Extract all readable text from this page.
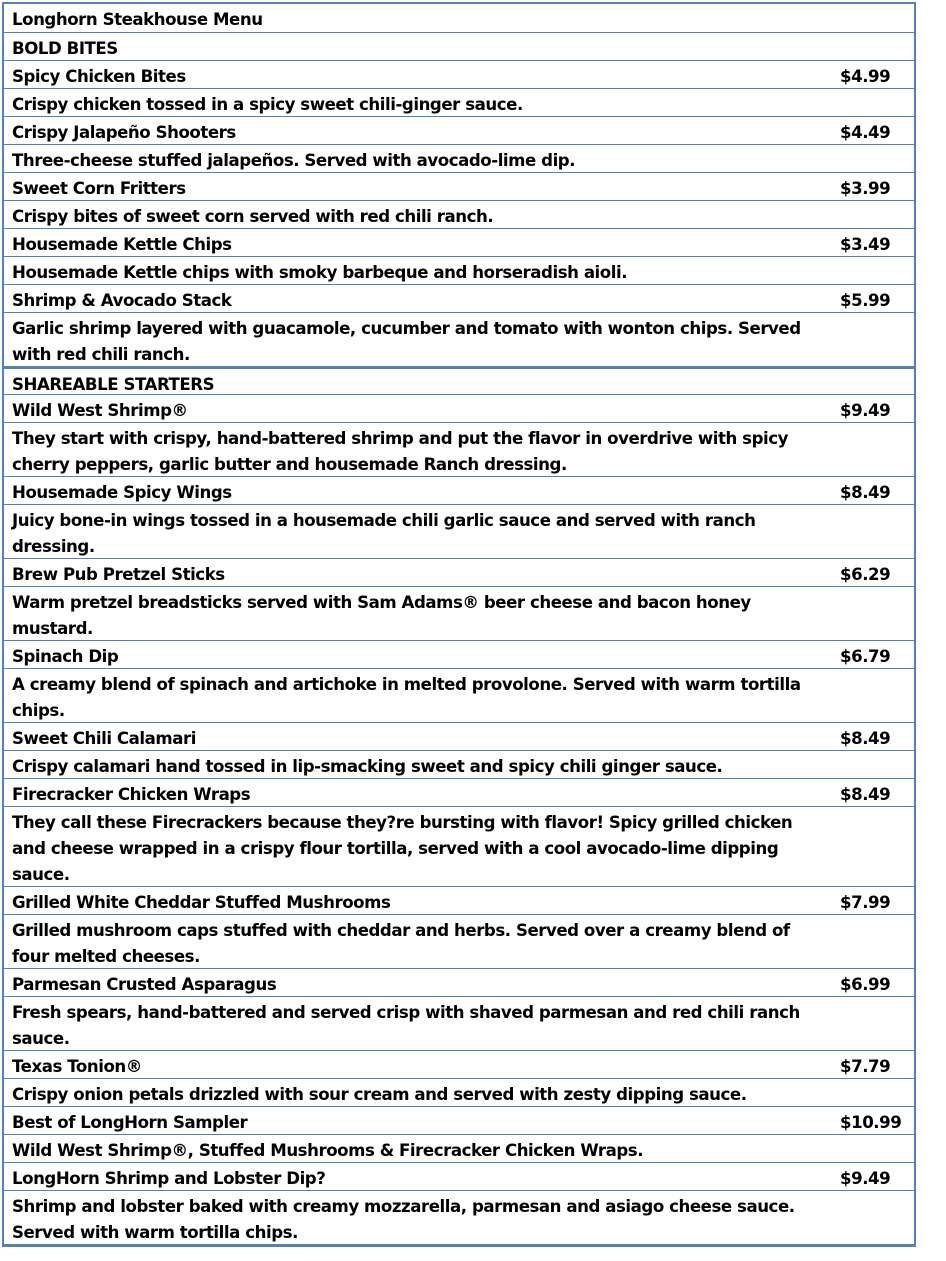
Longhorn Steakhouse Menu
BOLD BITES
Spicy Chicken Bites	$4.99
Crispy chicken tossed in a spicy sweet chili-ginger sauce.
Crispy Jalapeño Shooters	$4.49
Three-cheese stuffed jalapeños. Served with avocado-lime dip.
Sweet Corn Fritters	$3.99
Crispy bites of sweet corn served with red chili ranch.
Housemade Kettle Chips	$3.49
Housemade Kettle chips with smoky barbeque and horseradish aioli.
Shrimp & Avocado Stack	$5.99
Garlic shrimp layered with guacamole, cucumber and tomato with wonton chips. Served with red chili ranch.
SHAREABLE STARTERS
Wild West Shrimp®	$9.49
They start with crispy, hand-battered shrimp and put the flavor in overdrive with spicy cherry peppers, garlic butter and housemade Ranch dressing.
Housemade Spicy Wings	$8.49
Juicy bone-in wings tossed in a housemade chili garlic sauce and served with ranch dressing.
Brew Pub Pretzel Sticks	$6.29
Warm pretzel breadsticks served with Sam Adams® beer cheese and bacon honey mustard.
Spinach Dip	$6.79
A creamy blend of spinach and artichoke in melted provolone. Served with warm tortilla chips.
Sweet Chili Calamari	$8.49
Crispy calamari hand tossed in lip-smacking sweet and spicy chili ginger sauce.
Firecracker Chicken Wraps	$8.49
They call these Firecrackers because they?re bursting with flavor! Spicy grilled chicken and cheese wrapped in a crispy flour tortilla, served with a cool avocado-lime dipping sauce.
Grilled White Cheddar Stuffed Mushrooms	$7.99
Grilled mushroom caps stuffed with cheddar and herbs. Served over a creamy blend of four melted cheeses.
Parmesan Crusted Asparagus	$6.99
Fresh spears, hand-battered and served crisp with shaved parmesan and red chili ranch sauce.
Texas Tonion®	$7.79
Crispy onion petals drizzled with sour cream and served with zesty dipping sauce.
Best of LongHorn Sampler	$10.99
Wild West Shrimp®, Stuffed Mushrooms & Firecracker Chicken Wraps.
LongHorn Shrimp and Lobster Dip?	$9.49
Shrimp and lobster baked with creamy mozzarella, parmesan and asiago cheese sauce. Served with warm tortilla chips.
